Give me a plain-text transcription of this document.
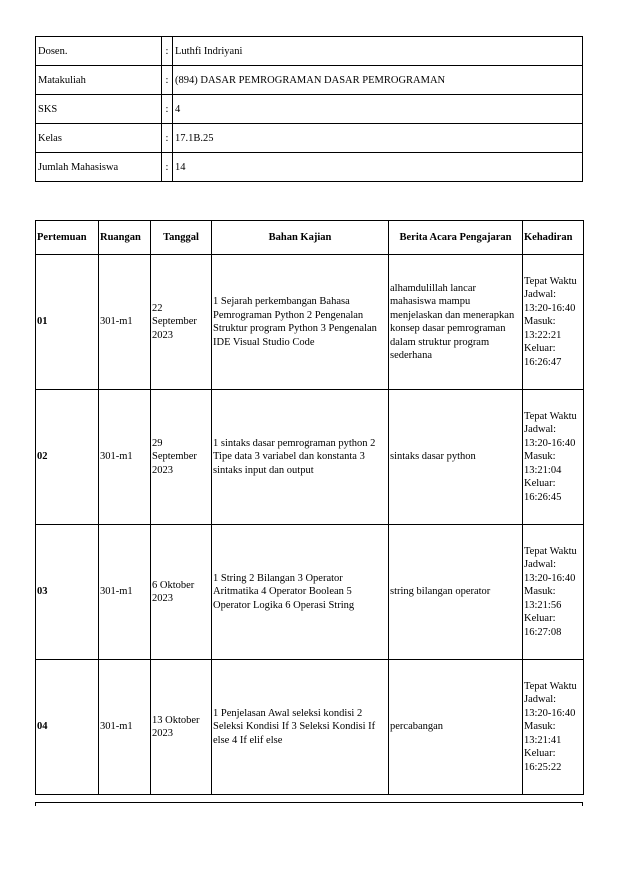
Dosen.	:	Luthfi Indriyani
Matakuliah	:	(894) DASAR PEMROGRAMAN DASAR PEMROGRAMAN
SKS	:	4
Kelas	:	17.1B.25
Jumlah Mahasiswa	:	14
Pertemuan	Ruangan	Tanggal	Bahan Kajian	Berita Acara Pengajaran	Kehadiran
01	301-m1	22 September 2023	1 Sejarah perkembangan Bahasa Pemrograman Python 2 Pengenalan Struktur program Python 3 Pengenalan IDE Visual Studio Code	alhamdulillah lancar mahasiswa mampu menjelaskan dan menerapkan konsep dasar pemrograman dalam struktur program sederhana	Tepat Waktu Jadwal: 13:20-16:40 Masuk: 13:22:21 Keluar: 16:26:47
02	301-m1	29 September 2023	1 sintaks dasar pemrograman python 2 Tipe data 3 variabel dan konstanta 3 sintaks input dan output	sintaks dasar python	Tepat Waktu Jadwal: 13:20-16:40 Masuk: 13:21:04 Keluar: 16:26:45
03	301-m1	6 Oktober 2023	1 String 2 Bilangan 3 Operator Aritmatika 4 Operator Boolean 5 Operator Logika 6 Operasi String	string bilangan operator	Tepat Waktu Jadwal: 13:20-16:40 Masuk: 13:21:56 Keluar: 16:27:08
04	301-m1	13 Oktober 2023	1 Penjelasan Awal seleksi kondisi 2 Seleksi Kondisi If 3 Seleksi Kondisi If else 4 If elif else	percabangan	Tepat Waktu Jadwal: 13:20-16:40 Masuk: 13:21:41 Keluar: 16:25:22
